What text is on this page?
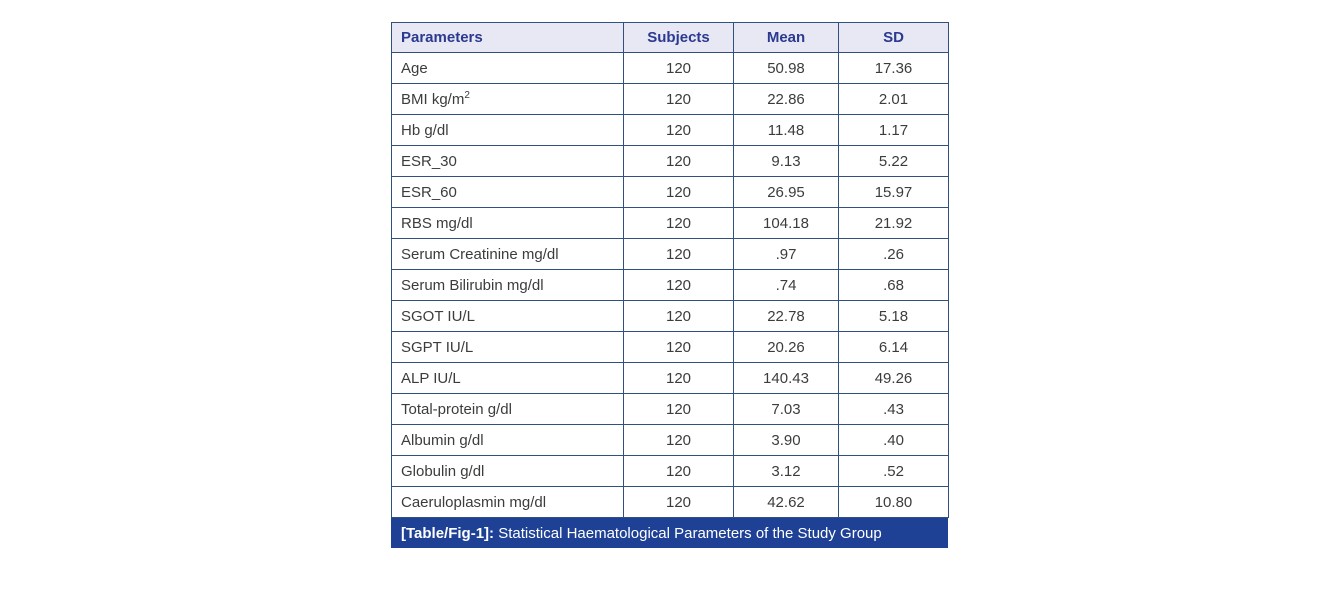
Parameters	Subjects	Mean	SD
Age	120	50.98	17.36
BMI $kg/m^2$	120	22.86	2.01
Hb g/dl	120	11.48	1.17
ESR_30	120	9.13	5.22
ESR_60	120	26.95	15.97
RBS mg/dl	120	104.18	21.92
Serum Creatinine mg/dl	120	.97	.26
Serum Bilirubin mg/dl	120	.74	.68
SGOT IU/L	120	22.78	5.18
SGPT IU/L	120	20.26	6.14
ALP IU/L	120	140.43	49.26
Total-protein g/dl	120	7.03	.43
Albumin g/dl	120	3.90	.40
Globulin g/dl	120	3.12	.52
Caeruloplasmin mg/dl	120	42.62	10.80
[Table/Fig-1]: Statistical Haematological Parameters of the Study Group
